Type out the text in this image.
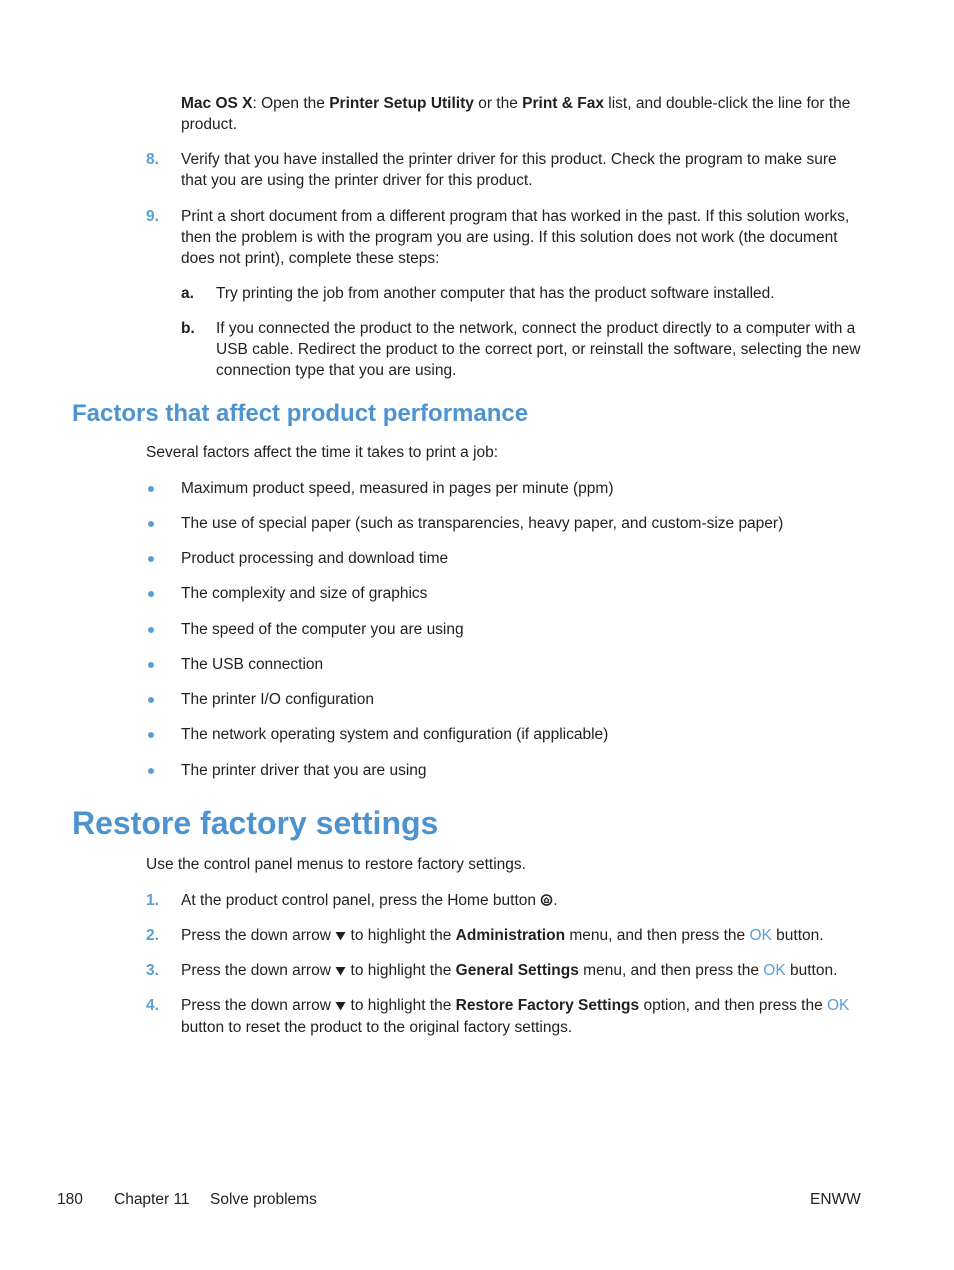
Mac OS X: Open the Printer Setup Utility or the Print & Fax list, and double-click the line for the product.
8.	Verify that you have installed the printer driver for this product. Check the program to make sure that you are using the printer driver for this product.
9.	Print a short document from a different program that has worked in the past. If this solution works, then the problem is with the program you are using. If this solution does not work (the document does not print), complete these steps:
a.	Try printing the job from another computer that has the product software installed.
b.	If you connected the product to the network, connect the product directly to a computer with a USB cable. Redirect the product to the correct port, or reinstall the software, selecting the new connection type that you are using.
Factors that affect product performance
Several factors affect the time it takes to print a job:
Maximum product speed, measured in pages per minute (ppm)
The use of special paper (such as transparencies, heavy paper, and custom-size paper)
Product processing and download time
The complexity and size of graphics
The speed of the computer you are using
The USB connection
The printer I/O configuration
The network operating system and configuration (if applicable)
The printer driver that you are using
Restore factory settings
Use the control panel menus to restore factory settings.
1.	At the product control panel, press the Home button .
2.	Press the down arrow  to highlight the Administration menu, and then press the OK button.
3.	Press the down arrow  to highlight the General Settings menu, and then press the OK button.
4.	Press the down arrow  to highlight the Restore Factory Settings option, and then press the OK button to reset the product to the original factory settings.
180 Chapter 11 Solve problems	ENWW
